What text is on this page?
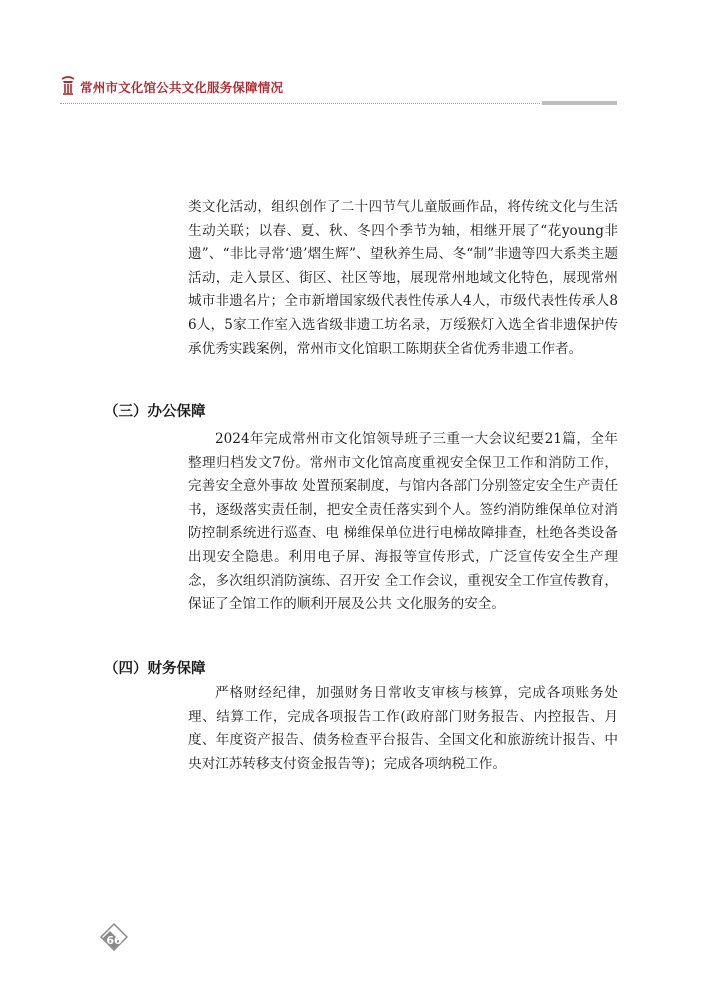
常州市文化馆公共文化服务保障情况

类文化活动，组织创作了二十四节气儿童版画作品，将传统文化与生活生动关联；以春、夏、秋、冬四个季节为轴，相继开展了“花young非遗”、“非比寻常‘遗’熠生辉”、望秋养生局、冬“制”非遗等四大系类主题活动，走入景区、街区、社区等地，展现常州地域文化特色，展现常州城市非遗名片；全市新增国家级代表性传承人4人，市级代表性传承人86人，5家工作室入选省级非遗工坊名录，万绥猴灯入选全省非遗保护传承优秀实践案例，常州市文化馆职工陈期获全省优秀非遗工作者。

（三）办公保障

2024年完成常州市文化馆领导班子三重一大会议纪要21篇，全年整理归档发文7份。常州市文化馆高度重视安全保卫工作和消防工作，完善安全意外事故 处置预案制度，与馆内各部门分别签定安全生产责任书，逐级落实责任制，把安全责任落实到个人。签约消防维保单位对消防控制系统进行巡查、电 梯维保单位进行电梯故障排查，杜绝各类设备出现安全隐患。利用电子屏、海报等宣传形式，广泛宣传安全生产理念，多次组织消防演练、召开安 全工作会议，重视安全工作宣传教育，保证了全馆工作的顺利开展及公共 文化服务的安全。

（四）财务保障

严格财经纪律，加强财务日常收支审核与核算，完成各项账务处理、结算工作，完成各项报告工作(政府部门财务报告、内控报告、月度、年度资产报告、债务检查平台报告、全国文化和旅游统计报告、中央对江苏转移支付资金报告等)；完成各项纳税工作。

66
